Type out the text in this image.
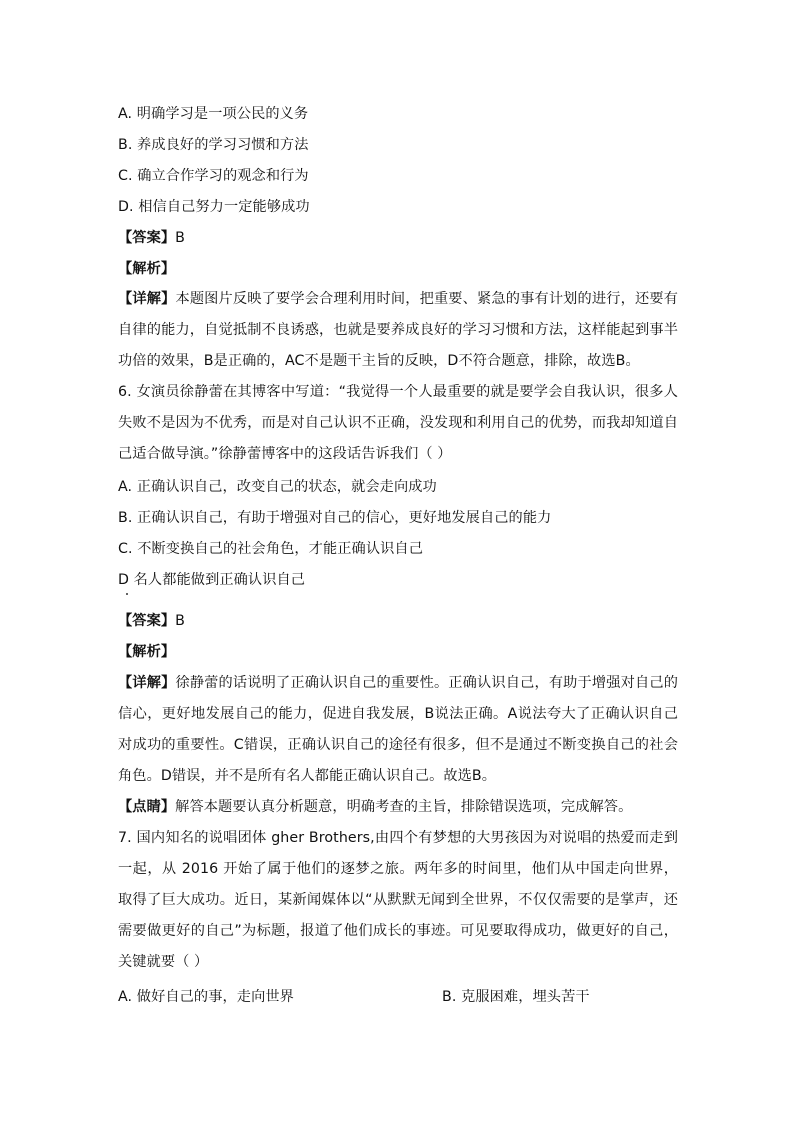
A. 明确学习是一项公民的义务
B. 养成良好的学习习惯和方法
C. 确立合作学习的观念和行为
D. 相信自己努力一定能够成功
【答案】B
【解析】
【详解】本题图片反映了要学会合理利用时间，把重要、紧急的事有计划的进行，还要有自律的能力，自觉抵制不良诱惑，也就是要养成良好的学习习惯和方法，这样能起到事半功倍的效果，B是正确的，AC不是题干主旨的反映，D不符合题意，排除，故选B。
6. 女演员徐静蕾在其博客中写道：“我觉得一个人最重要的就是要学会自我认识，很多人失败不是因为不优秀，而是对自己认识不正确，没发现和利用自己的优势，而我却知道自己适合做导演。”徐静蕾博客中的这段话告诉我们（ ）
A. 正确认识自己，改变自己的状态，就会走向成功
B. 正确认识自己，有助于增强对自己的信心，更好地发展自己的能力
C. 不断变换自己的社会角色，才能正确认识自己
D 名人都能做到正确认识自己
【答案】B
【解析】
【详解】徐静蕾的话说明了正确认识自己的重要性。正确认识自己，有助于增强对自己的信心，更好地发展自己的能力，促进自我发展，B说法正确。A说法夸大了正确认识自己对成功的重要性。C错误，正确认识自己的途径有很多，但不是通过不断变换自己的社会角色。D错误，并不是所有名人都能正确认识自己。故选B。
【点睛】解答本题要认真分析题意，明确考查的主旨，排除错误选项，完成解答。
7. 国内知名的说唱团体 gher Brothers,由四个有梦想的大男孩因为对说唱的热爱而走到一起，从 2016 开始了属于他们的逐梦之旅。两年多的时间里，他们从中国走向世界，取得了巨大成功。近日，某新闻媒体以“从默默无闻到全世界，不仅仅需要的是掌声，还需要做更好的自己”为标题，报道了他们成长的事迹。可见要取得成功，做更好的自己，关键就要（ ）
A. 做好自己的事，走向世界	B. 克服困难，埋头苦干
